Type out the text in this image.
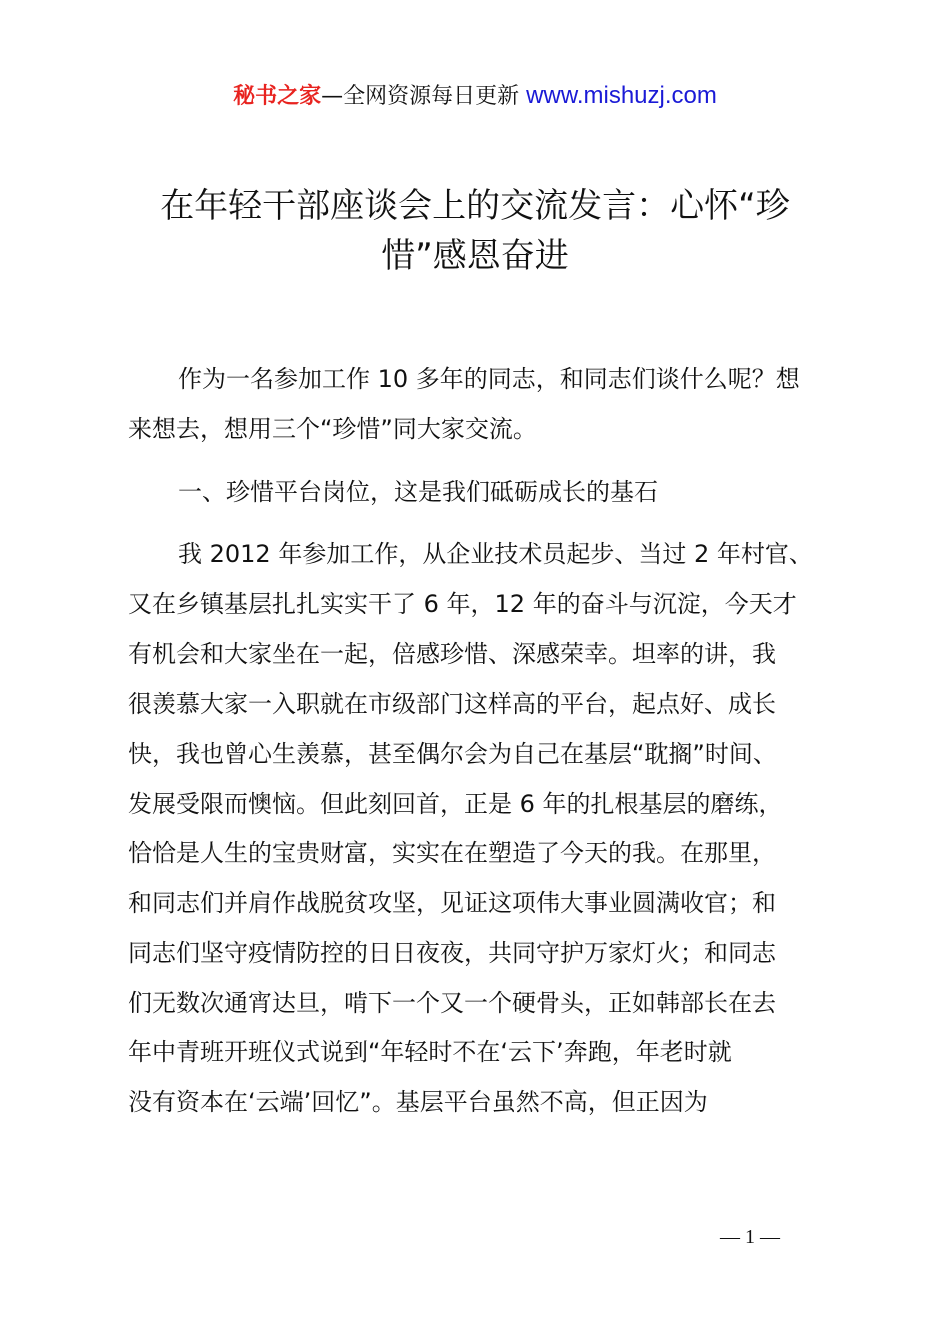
秘书之家—全网资源每日更新 www.mishuzj.com
在年轻干部座谈会上的交流发言：心怀“珍
惜”感恩奋进
作为一名参加工作 10 多年的同志，和同志们谈什么呢？想
来想去，想用三个“珍惜”同大家交流。
一、珍惜平台岗位，这是我们砥砺成长的基石
我 2012 年参加工作，从企业技术员起步、当过 2 年村官、
又在乡镇基层扎扎实实干了 6 年，12 年的奋斗与沉淀，今天才
有机会和大家坐在一起，倍感珍惜、深感荣幸。坦率的讲，我
很羡慕大家一入职就在市级部门这样高的平台，起点好、成长
快，我也曾心生羡慕，甚至偶尔会为自己在基层“耽搁”时间、
发展受限而懊恼。但此刻回首，正是 6 年的扎根基层的磨练，
恰恰是人生的宝贵财富，实实在在塑造了今天的我。在那里，
和同志们并肩作战脱贫攻坚，见证这项伟大事业圆满收官；和
同志们坚守疫情防控的日日夜夜，共同守护万家灯火；和同志
们无数次通宵达旦，啃下一个又一个硬骨头，正如韩部长在去
年中青班开班仪式说到“年轻时不在‘云下’奔跑，年老时就
没有资本在‘云端’回忆”。基层平台虽然不高，但正因为
— 1 —
